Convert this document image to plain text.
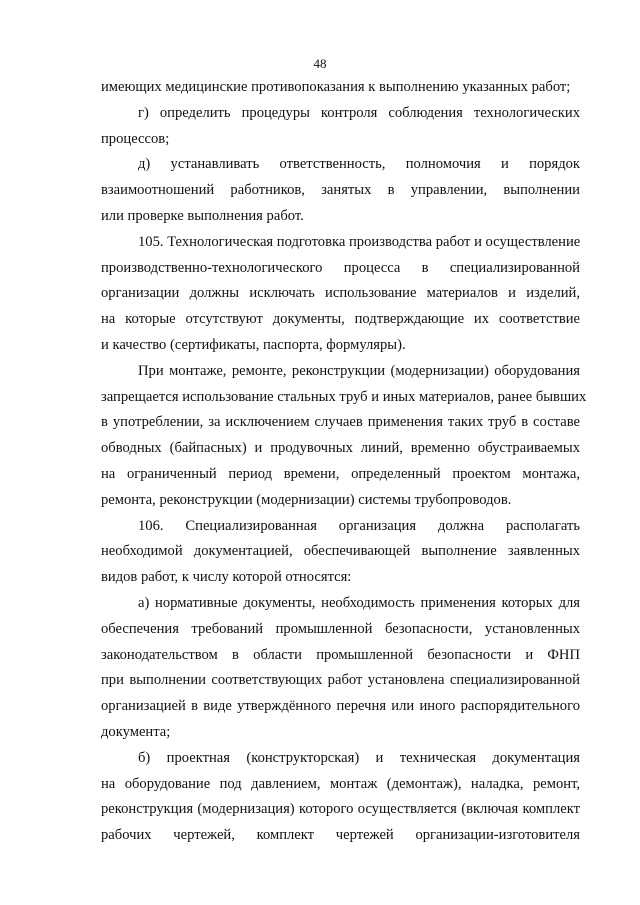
48
имеющих медицинские противопоказания к выполнению указанных работ;
г) определить процедуры контроля соблюдения технологических
процессов;
д) устанавливать ответственность, полномочия и порядок
взаимоотношений работников, занятых в управлении, выполнении
или проверке выполнения работ.
105. Технологическая подготовка производства работ и осуществление
производственно-технологического процесса в специализированной
организации должны исключать использование материалов и изделий,
на которые отсутствуют документы, подтверждающие их соответствие
и качество (сертификаты, паспорта, формуляры).
При монтаже, ремонте, реконструкции (модернизации) оборудования
запрещается использование стальных труб и иных материалов, ранее бывших
в употреблении, за исключением случаев применения таких труб в составе
обводных (байпасных) и продувочных линий, временно обустраиваемых
на ограниченный период времени, определенный проектом монтажа,
ремонта, реконструкции (модернизации) системы трубопроводов.
106. Специализированная организация должна располагать
необходимой документацией, обеспечивающей выполнение заявленных
видов работ, к числу которой относятся:
а) нормативные документы, необходимость применения которых для
обеспечения требований промышленной безопасности, установленных
законодательством в области промышленной безопасности и ФНП
при выполнении соответствующих работ установлена специализированной
организацией в виде утверждённого перечня или иного распорядительного
документа;
б) проектная (конструкторская) и техническая документация
на оборудование под давлением, монтаж (демонтаж), наладка, ремонт,
реконструкция (модернизация) которого осуществляется (включая комплект
рабочих чертежей, комплект чертежей организации-изготовителя
